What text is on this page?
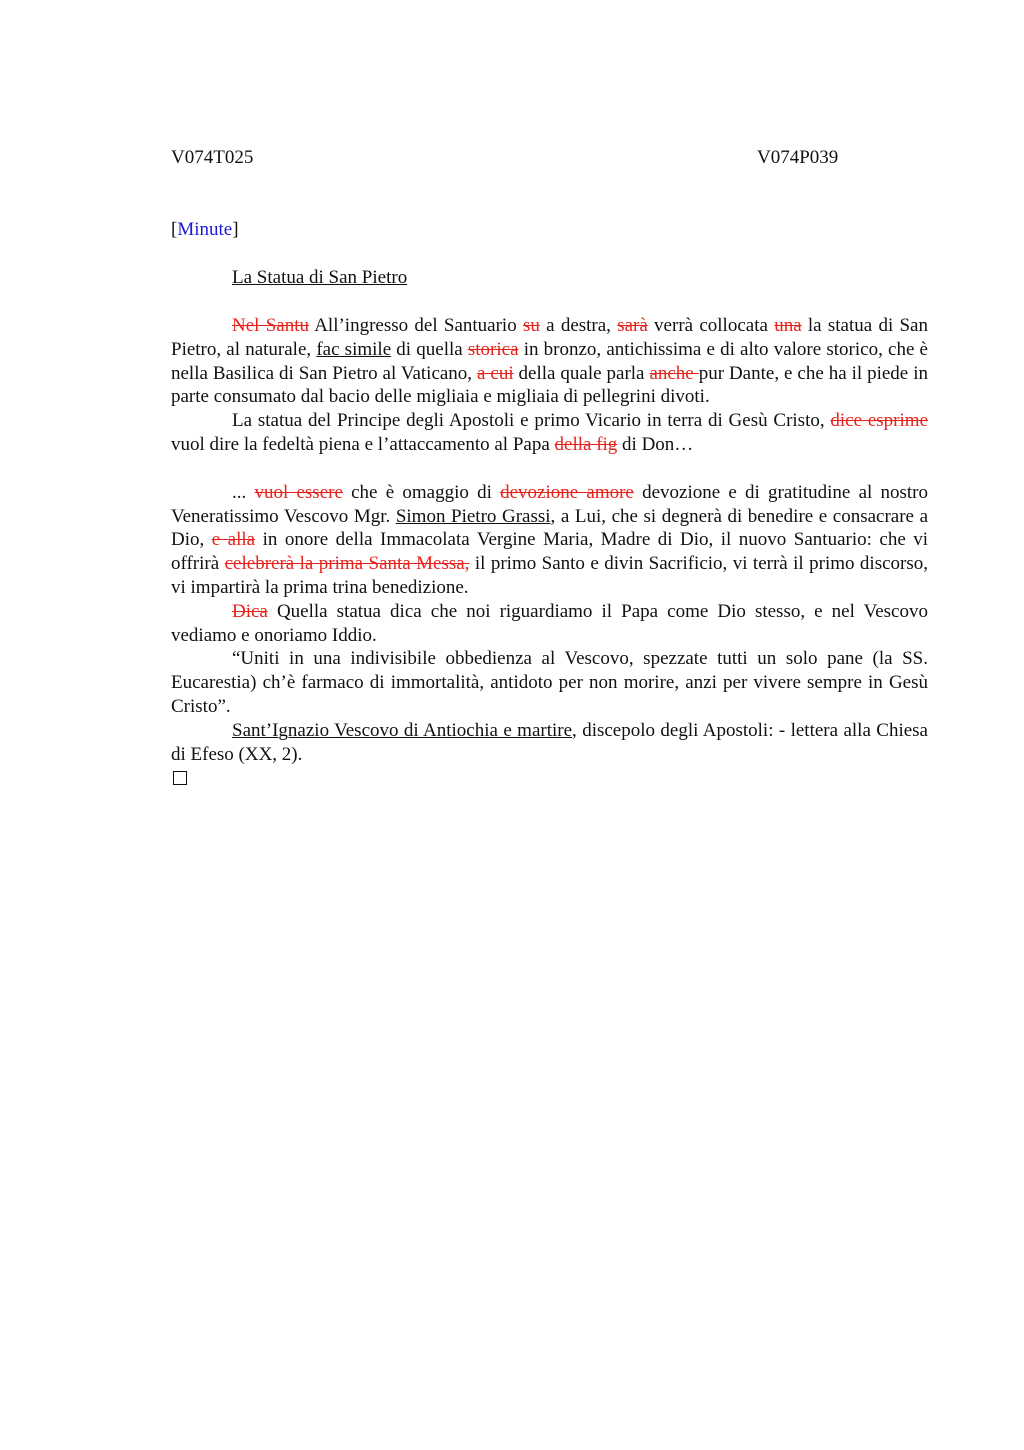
V074T025	V074P039
[Minute]
La Statua di San Pietro

Nel Santu All’ingresso del Santuario su a destra, sarà verrà collocata una la statua di San Pietro, al naturale, fac simile di quella storica in bronzo, antichissima e di alto valore storico, che è nella Basilica di San Pietro al Vaticano, a cui della quale parla anche pur Dante, e che ha il piede in parte consumato dal bacio delle migliaia e migliaia di pellegrini divoti.

La statua del Principe degli Apostoli e primo Vicario in terra di Gesù Cristo, dice esprime vuol dire la fedeltà piena e l’attaccamento al Papa della fig di Don…

... vuol essere che è omaggio di devozione amore devozione e di gratitudine al nostro Veneratissimo Vescovo Mgr. Simon Pietro Grassi, a Lui, che si degnerà di benedire e consacrare a Dio, e alla in onore della Immacolata Vergine Maria, Madre di Dio, il nuovo Santuario: che vi offrirà celebrerà la prima Santa Messa, il primo Santo e divin Sacrificio, vi terrà il primo discorso, vi impartirà la prima trina benedizione.

Dica Quella statua dica che noi riguardiamo il Papa come Dio stesso, e nel Vescovo vediamo e onoriamo Iddio.

“Uniti in una indivisibile obbedienza al Vescovo, spezzate tutti un solo pane (la SS. Eucarestia) ch’è farmaco di immortalità, antidoto per non morire, anzi per vivere sempre in Gesù Cristo”.

Sant’Ignazio Vescovo di Antiochia e martire, discepolo degli Apostoli: - lettera alla Chiesa di Efeso (XX, 2).
